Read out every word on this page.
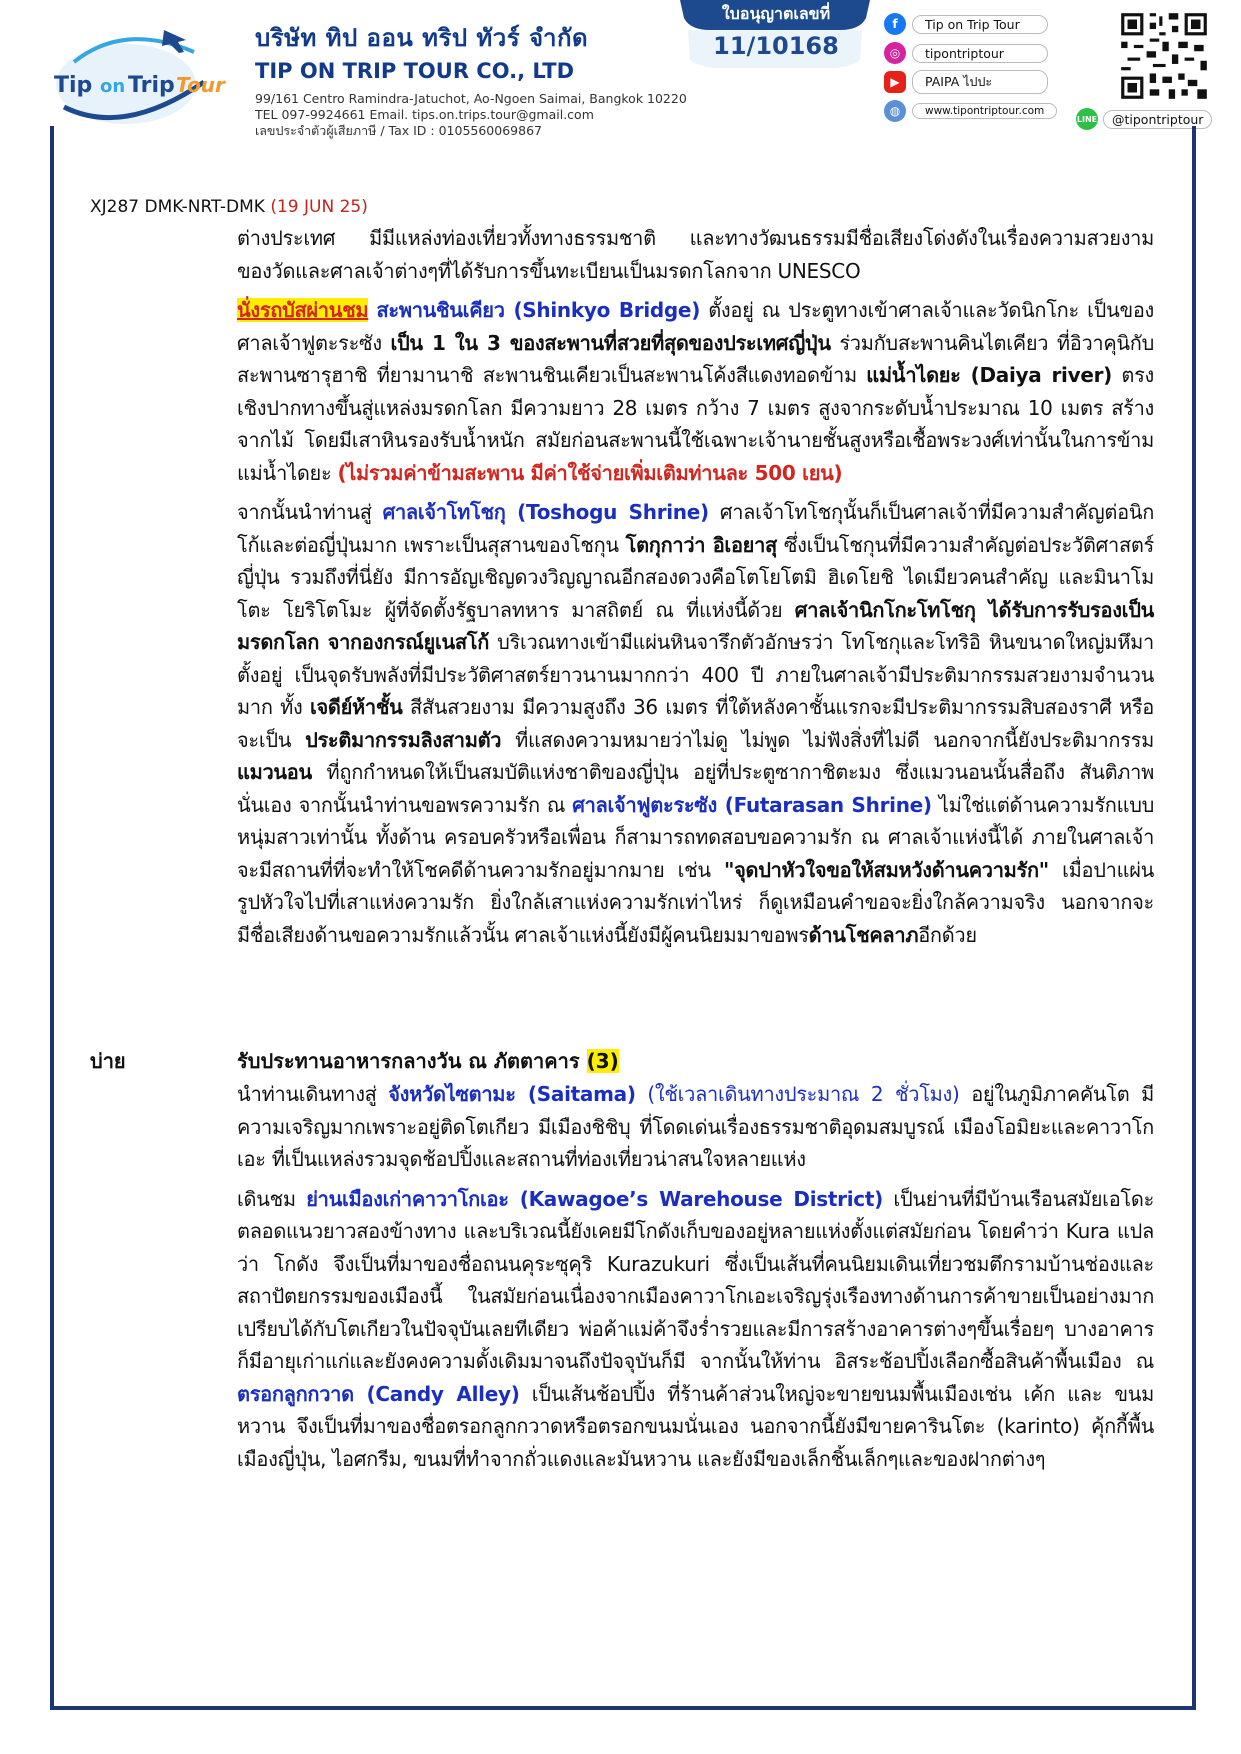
Tip on Trip Tour
บริษัท ทิป ออน ทริป ทัวร์ จำกัด
TIP ON TRIP TOUR CO., LTD
99/161 Centro Ramindra-Jatuchot, Ao-Ngoen Saimai, Bangkok 10220
TEL 097-9924661 Email. tips.on.trips.tour@gmail.com
เลขประจำตัวผู้เสียภาษี / Tax ID : 0105560069867
ใบอนุญาตเลขที่
11/10168
f	Tip on Trip Tour
◎	tipontriptour
▶	PAIPA ไปปะ
◍	www.tipontriptour.com
LINE	@tipontriptour
XJ287 DMK-NRT-DMK (19 JUN 25)

ต่างประเทศ มีมีแหล่งท่องเที่ยวทั้งทางธรรมชาติ และทางวัฒนธรรมมีชื่อเสียงโด่งดังในเรื่องความสวยงามของวัดและศาลเจ้าต่างๆที่ได้รับการขึ้นทะเบียนเป็นมรดกโลกจาก UNESCO

นั่งรถบัสผ่านชม สะพานชินเคียว (Shinkyo Bridge) ตั้งอยู่ ณ ประตูทางเข้าศาลเจ้าและวัดนิกโกะ เป็นของศาลเจ้าฟูตะระซัง เป็น 1 ใน 3 ของสะพานที่สวยที่สุดของประเทศญี่ปุ่น ร่วมกับสะพานคินไตเคียว ที่อิวาคุนิกับสะพานซารุฮาชิ ที่ยามานาชิ สะพานชินเคียวเป็นสะพานโค้งสีแดงทอดข้าม แม่น้ำไดยะ (Daiya river) ตรงเชิงปากทางขึ้นสู่แหล่งมรดกโลก มีความยาว 28 เมตร กว้าง 7 เมตร สูงจากระดับน้ำประมาณ 10 เมตร สร้างจากไม้ โดยมีเสาหินรองรับน้ำหนัก สมัยก่อนสะพานนี้ใช้เฉพาะเจ้านายชั้นสูงหรือเชื้อพระวงศ์เท่านั้นในการข้ามแม่น้ำไดยะ (ไม่รวมค่าข้ามสะพาน มีค่าใช้จ่ายเพิ่มเติมท่านละ 500 เยน)

จากนั้นนำท่านสู่ ศาลเจ้าโทโชกุ (Toshogu Shrine) ศาลเจ้าโทโชกุนั้นก็เป็นศาลเจ้าที่มีความสำคัญต่อนิกโก้และต่อญี่ปุ่นมาก เพราะเป็นสุสานของโชกุน โตกุกาว่า อิเอยาสุ ซึ่งเป็นโชกุนที่มีความสำคัญต่อประวัติศาสตร์ญี่ปุ่น รวมถึงที่นี่ยัง มีการอัญเชิญดวงวิญญาณอีกสองดวงคือโตโยโตมิ ฮิเดโยชิ ไดเมียวคนสำคัญ และมินาโมโตะ โยริโตโมะ ผู้ที่จัดตั้งรัฐบาลทหาร มาสถิตย์ ณ ที่แห่งนี้ด้วย ศาลเจ้านิกโกะโทโชกุ ได้รับการรับรองเป็น มรดกโลก จากองกรณ์ยูเนสโก้ บริเวณทางเข้ามีแผ่นหินจารึกตัวอักษรว่า โทโชกุและโทริอิ หินขนาดใหญ่มหึมาตั้งอยู่ เป็นจุดรับพลังที่มีประวัติศาสตร์ยาวนานมากกว่า 400 ปี ภายในศาลเจ้ามีประติมากรรมสวยงามจำนวนมาก ทั้ง เจดีย์ห้าชั้น สีสันสวยงาม มีความสูงถึง 36 เมตร ที่ใต้หลังคาชั้นแรกจะมีประติมากรรมสิบสองราศี หรือจะเป็น ประติมากรรมลิงสามตัว ที่แสดงความหมายว่าไม่ดู ไม่พูด ไม่ฟังสิ่งที่ไม่ดี นอกจากนี้ยังประติมากรรม แมวนอน ที่ถูกกำหนดให้เป็นสมบัติแห่งชาติของญี่ปุ่น อยู่ที่ประตูซากาชิตะมง ซึ่งแมวนอนนั้นสื่อถึง สันติภาพ นั่นเอง จากนั้นนำท่านขอพรความรัก ณ ศาลเจ้าฟูตะระซัง (Futarasan Shrine) ไม่ใช่แต่ด้านความรักแบบหนุ่มสาวเท่านั้น ทั้งด้าน ครอบครัวหรือเพื่อน ก็สามารถทดสอบขอความรัก ณ ศาลเจ้าแห่งนี้ได้ ภายในศาลเจ้า จะมีสถานที่ที่จะทำให้โชคดีด้านความรักอยู่มากมาย เช่น "จุดปาหัวใจขอให้สมหวังด้านความรัก" เมื่อปาแผ่นรูปหัวใจไปที่เสาแห่งความรัก ยิ่งใกล้เสาแห่งความรักเท่าไหร่ ก็ดูเหมือนคำขอจะยิ่งใกล้ความจริง นอกจากจะมีชื่อเสียงด้านขอความรักแล้วนั้น ศาลเจ้าแห่งนี้ยังมีผู้คนนิยมมาขอพรด้านโชคลาภอีกด้วย

บ่าย	รับประทานอาหารกลางวัน ณ ภัตตาคาร (3)

นำท่านเดินทางสู่ จังหวัดไซตามะ (Saitama) (ใช้เวลาเดินทางประมาณ 2 ชั่วโมง) อยู่ในภูมิภาคคันโต มีความเจริญมากเพราะอยู่ติดโตเกียว มีเมืองชิชิบุ ที่โดดเด่นเรื่องธรรมชาติอุดมสมบูรณ์ เมืองโอมิยะและคาวาโกเอะ ที่เป็นแหล่งรวมจุดช้อปปิ้งและสถานที่ท่องเที่ยวน่าสนใจหลายแห่ง

เดินชม ย่านเมืองเก่าคาวาโกเอะ (Kawagoe’s Warehouse District) เป็นย่านที่มีบ้านเรือนสมัยเอโดะตลอดแนวยาวสองข้างทาง และบริเวณนี้ยังเคยมีโกดังเก็บของอยู่หลายแห่งตั้งแต่สมัยก่อน โดยคำว่า Kura แปลว่า โกดัง จึงเป็นที่มาของชื่อถนนคุระซุคุริ Kurazukuri ซึ่งเป็นเส้นที่คนนิยมเดินเที่ยวชมตึกรามบ้านช่องและสถาปัตยกรรมของเมืองนี้ ในสมัยก่อนเนื่องจากเมืองคาวาโกเอะเจริญรุ่งเรืองทางด้านการค้าขายเป็นอย่างมากเปรียบได้กับโตเกียวในปัจจุบันเลยทีเดียว พ่อค้าแม่ค้าจึงร่ำรวยและมีการสร้างอาคารต่างๆขึ้นเรื่อยๆ บางอาคารก็มีอายุเก่าแก่และยังคงความดั้งเดิมมาจนถึงปัจจุบันก็มี จากนั้นให้ท่าน อิสระช้อปปิ้งเลือกซื้อสินค้าพื้นเมือง ณ ตรอกลูกกวาด (Candy Alley) เป็นเส้นช้อปปิ้ง ที่ร้านค้าส่วนใหญ่จะขายขนมพื้นเมืองเช่น เค้ก และ ขนมหวาน จึงเป็นที่มาของชื่อตรอกลูกกวาดหรือตรอกขนมนั่นเอง นอกจากนี้ยังมีขายคารินโตะ (karinto) คุ้กกี้พื้นเมืองญี่ปุ่น, ไอศกรีม, ขนมที่ทำจากถั่วแดงและมันหวาน และยังมีของเล็กชิ้นเล็กๆและของฝากต่างๆ
